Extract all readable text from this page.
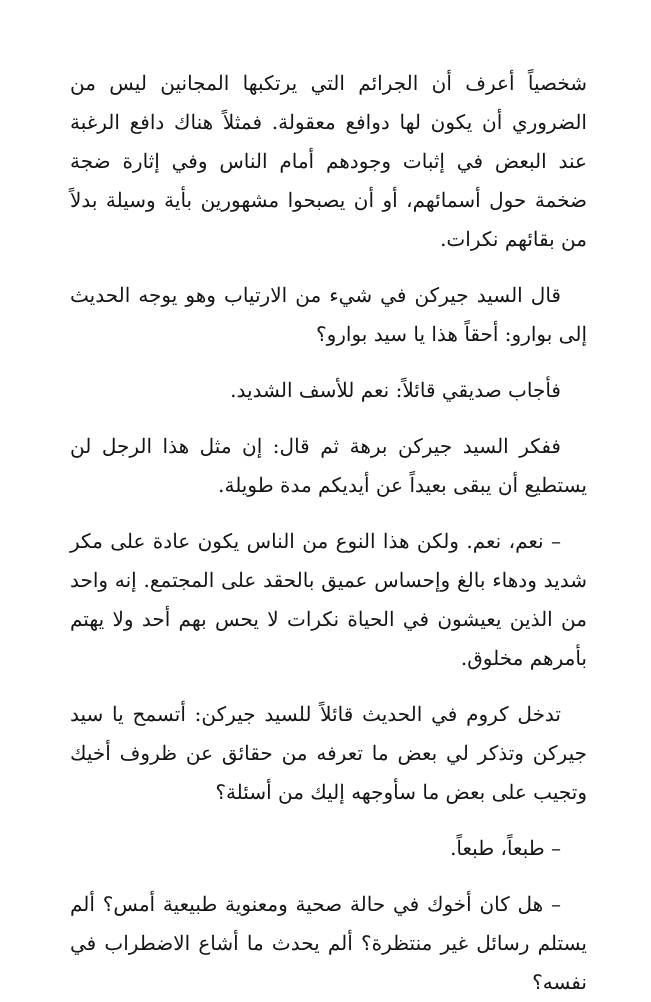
شخصياً أعرف أن الجرائم التي يرتكبها المجانين ليس من الضروري أن يكون لها دوافع معقولة. فمثلاً هناك دافع الرغبة عند البعض في إثبات وجودهم أمام الناس وفي إثارة ضجة ضخمة حول أسمائهم، أو أن يصبحوا مشهورين بأية وسيلة بدلاً من بقائهم نكرات.

قال السيد جيركن في شيء من الارتياب وهو يوجه الحديث إلى بوارو: أحقاً هذا يا سيد بوارو؟

فأجاب صديقي قائلاً: نعم للأسف الشديد.

ففكر السيد جيركن برهة ثم قال: إن مثل هذا الرجل لن يستطيع أن يبقى بعيداً عن أيديكم مدة طويلة.

– نعم، نعم. ولكن هذا النوع من الناس يكون عادة على مكر شديد ودهاء بالغ وإحساس عميق بالحقد على المجتمع. إنه واحد من الذين يعيشون في الحياة نكرات لا يحس بهم أحد ولا يهتم بأمرهم مخلوق.

تدخل كروم في الحديث قائلاً للسيد جيركن: أتسمح يا سيد جيركن وتذكر لي بعض ما تعرفه من حقائق عن ظروف أخيك وتجيب على بعض ما سأوجهه إليك من أسئلة؟

– طبعاً، طبعاً.

– هل كان أخوك في حالة صحية ومعنوية طبيعية أمس؟ ألم يستلم رسائل غير منتظرة؟ ألم يحدث ما أشاع الاضطراب في نفسه؟
